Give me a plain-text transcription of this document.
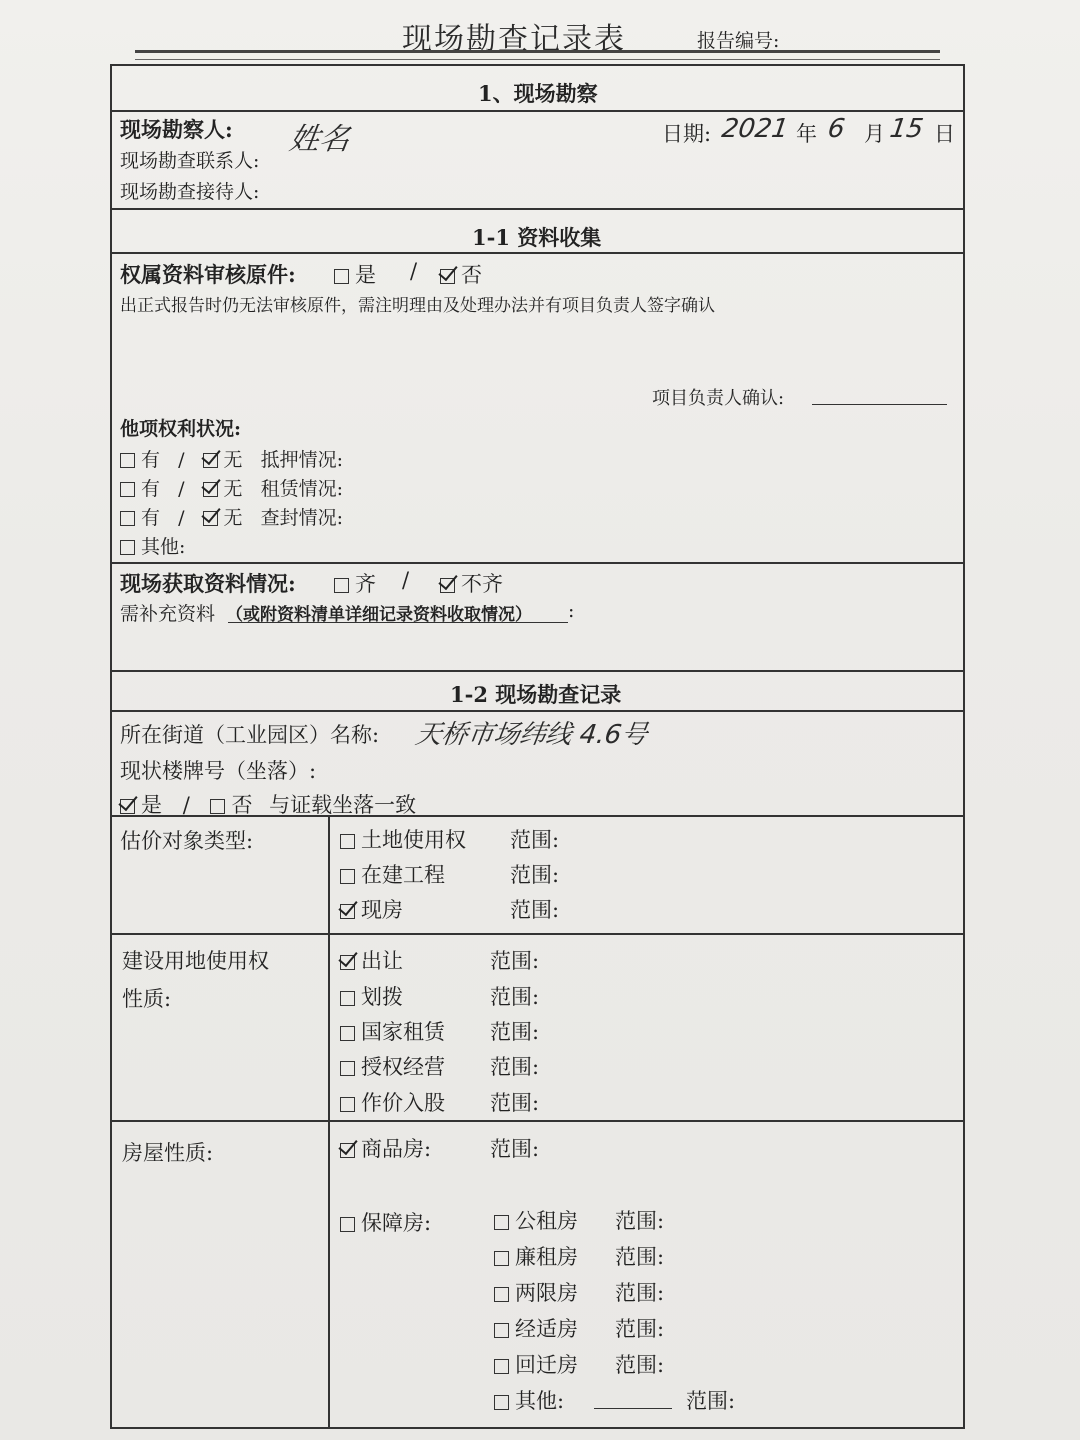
现场勘查记录表	报告编号:
1、现场勘察
现场勘察人: 姓名
现场勘查联系人:
现场勘查接待人:
日期: 2021 年 6 月 15 日
1-1 资料收集
权属资料审核原件:	是 /	否
出正式报告时仍无法审核原件，需注明理由及处理办法并有项目负责人签字确认
项目负责人确认:
他项权利状况:
有 / 无 抵押情况:
有 / 无 租赁情况:
有 / 无 查封情况:
其他:
现场获取资料情况:	齐 /	不齐
需补充资料 （或附资料清单详细记录资料收取情况） :
1-2 现场勘查记录
所在街道（工业园区）名称: 天桥市场纬线 4.6号
现状楼牌号（坐落）:
是 / 否 与证载坐落一致
估价对象类型:	土地使用权 范围:
在建工程	范围:
现房	范围:
建设用地使用权
性质:
出让	范围:
划拨	范围:
国家租赁 范围:
授权经营 范围:
作价入股 范围:
房屋性质:	商品房:	范围:
保障房:	公租房 范围:
廉租房 范围:
两限房 范围:
经适房 范围:
回迁房 范围:
其他:	范围:
